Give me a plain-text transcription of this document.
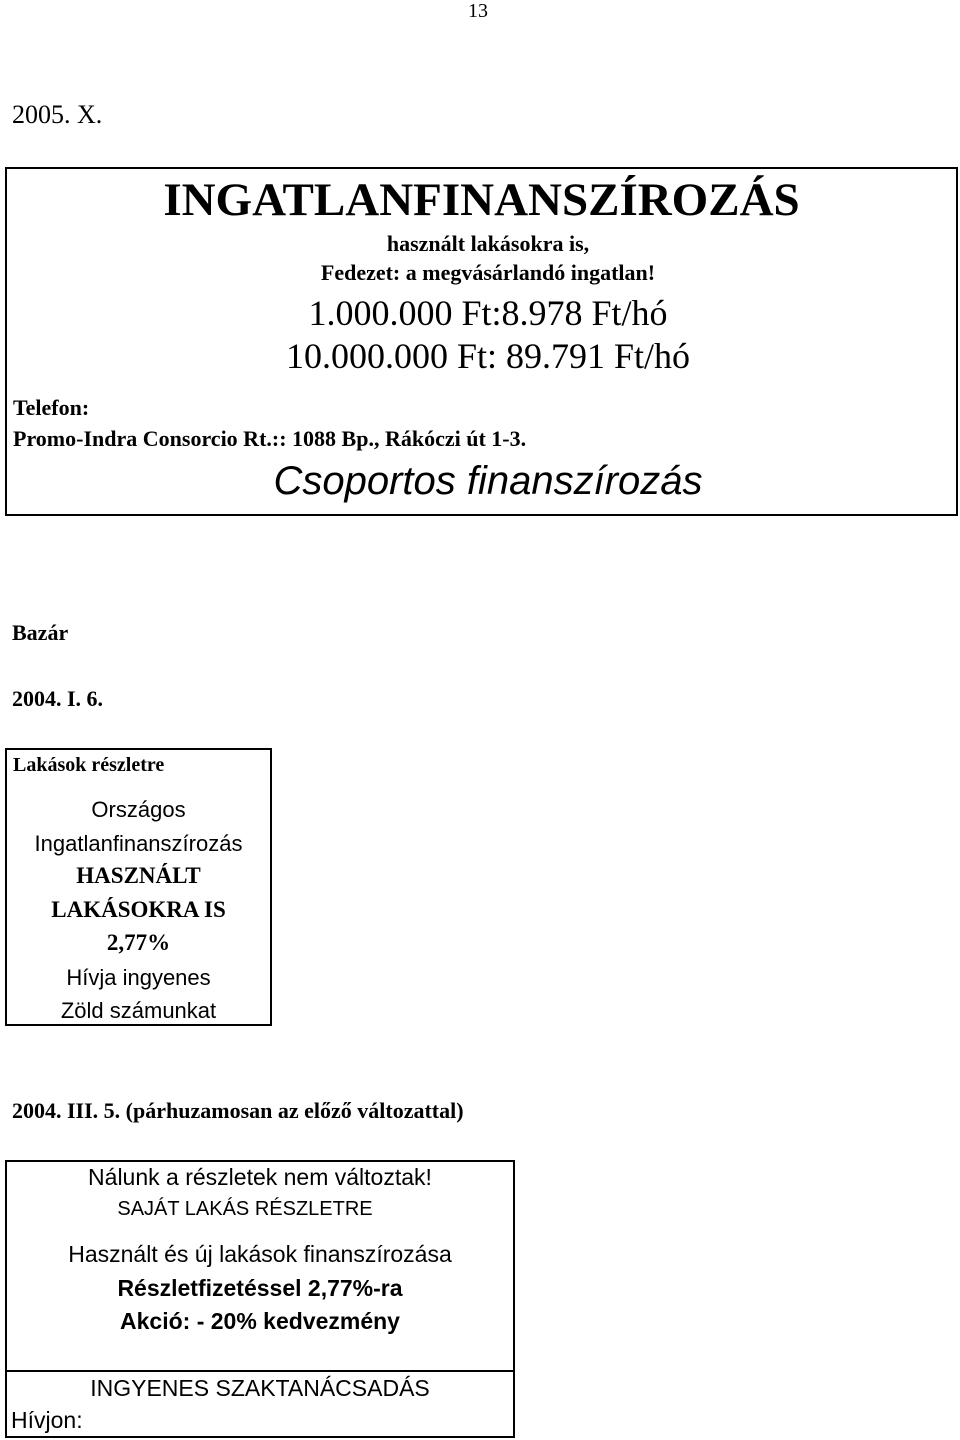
13
2005. X.
INGATLANFINANSZÍROZÁS
használt lakásokra is,
Fedezet: a megvásárlandó ingatlan!
1.000.000 Ft:8.978 Ft/hó
10.000.000 Ft: 89.791 Ft/hó
Telefon:
Promo-Indra Consorcio Rt.:: 1088 Bp., Rákóczi út 1-3.
Csoportos finanszírozás
Bazár
2004. I. 6.
Lakások részletre
Országos
Ingatlanfinanszírozás
HASZNÁLT
LAKÁSOKRA IS
2,77%
Hívja ingyenes
Zöld számunkat
2004. III. 5. (párhuzamosan az előző változattal)
Nálunk a részletek nem változtak!
SAJÁT LAKÁS RÉSZLETRE
Használt és új lakások finanszírozása
Részletfizetéssel 2,77%-ra
Akció: - 20% kedvezmény
INGYENES SZAKTANÁCSADÁS
Hívjon:
